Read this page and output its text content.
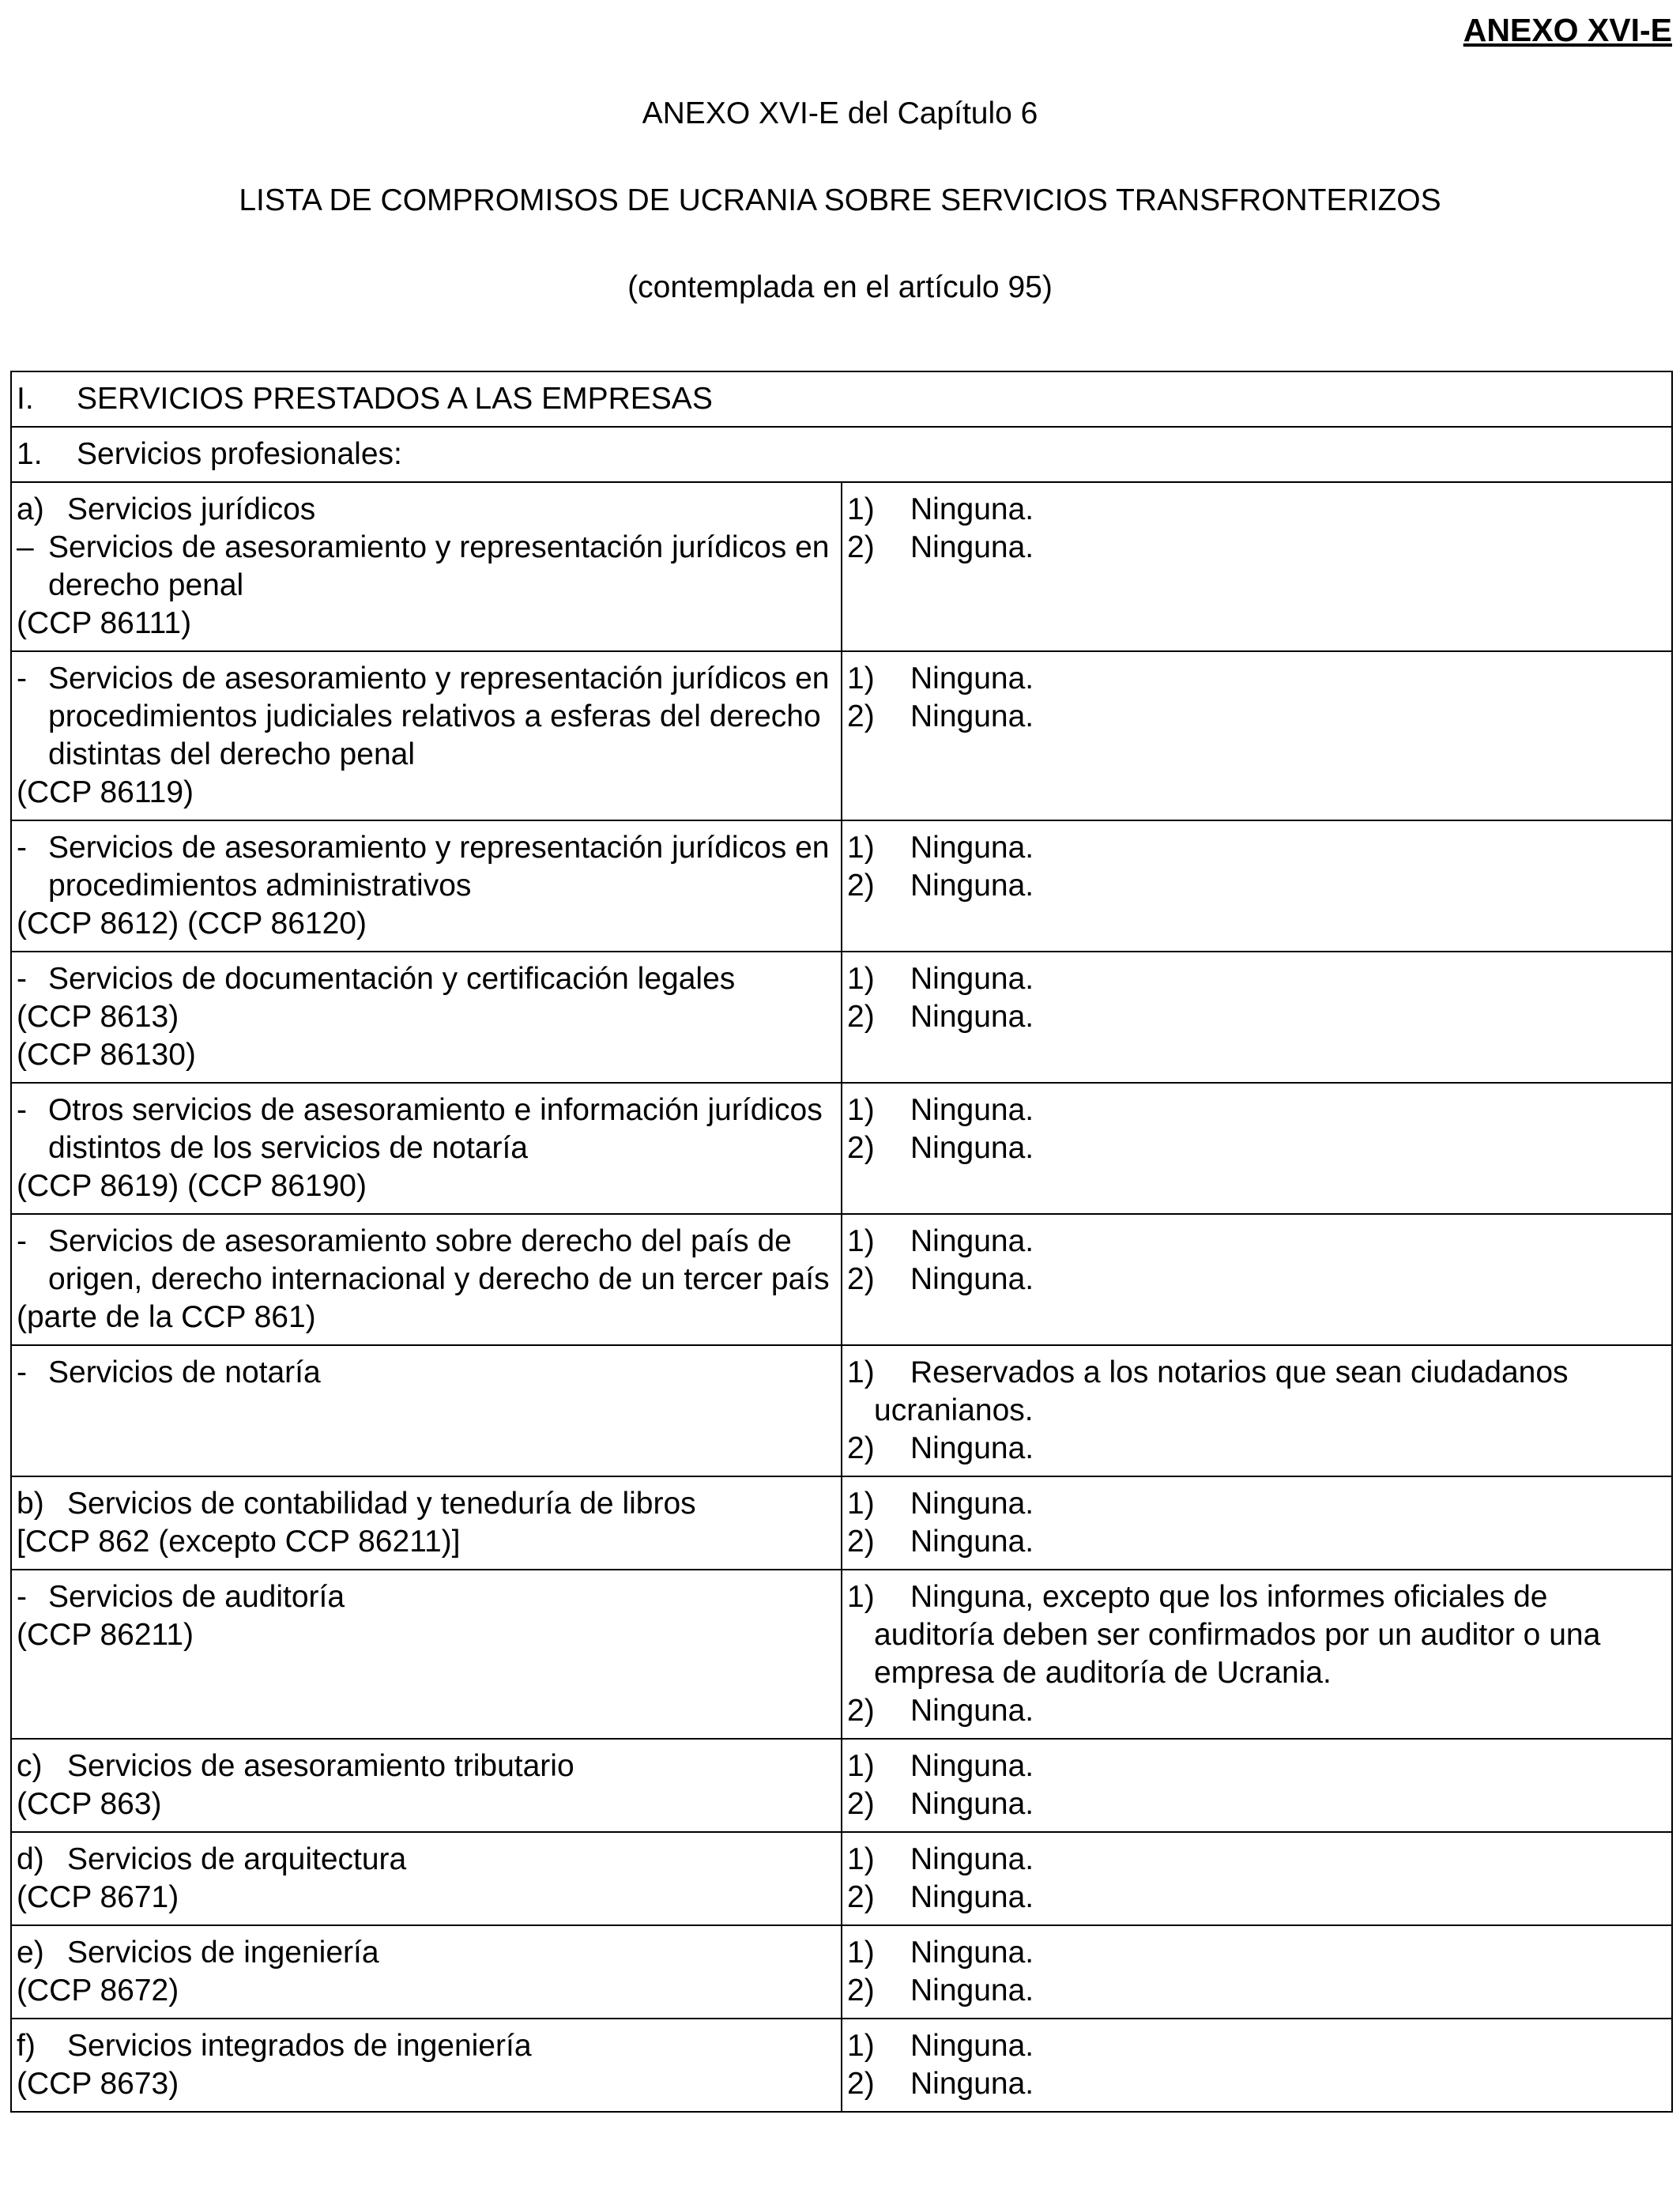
ANEXO XVI-E
ANEXO XVI-E del Capítulo 6
LISTA DE COMPROMISOS DE UCRANIA SOBRE SERVICIOS TRANSFRONTERIZOS
(contemplada en el artículo 95)
I. SERVICIOS PRESTADOS A LAS EMPRESAS	
1. Servicios profesionales:	

a) Servicios jurídicos
– Servicios de asesoramiento y representación jurídicos en derecho penal
(CCP 86111)	1) Ninguna.
2) Ninguna.

- Servicios de asesoramiento y representación jurídicos en procedimientos judiciales relativos a esferas del derecho distintas del derecho penal
(CCP 86119)	1) Ninguna.
2) Ninguna.

- Servicios de asesoramiento y representación jurídicos en procedimientos administrativos
(CCP 8612) (CCP 86120)	1) Ninguna.
2) Ninguna.

- Servicios de documentación y certificación legales
(CCP 8613)
(CCP 86130)	1) Ninguna.
2) Ninguna.

- Otros servicios de asesoramiento e información jurídicos distintos de los servicios de notaría
(CCP 8619) (CCP 86190)	1) Ninguna.
2) Ninguna.

- Servicios de asesoramiento sobre derecho del país de origen, derecho internacional y derecho de un tercer país
(parte de la CCP 861)	1) Ninguna.
2) Ninguna.

- Servicios de notaría	1) Reservados a los notarios que sean ciudadanos ucranianos.
2) Ninguna.

b) Servicios de contabilidad y teneduría de libros
[CCP 862 (excepto CCP 86211)]	1) Ninguna.
2) Ninguna.

- Servicios de auditoría
(CCP 86211)	1) Ninguna, excepto que los informes oficiales de auditoría deben ser confirmados por un auditor o una empresa de auditoría de Ucrania.
2) Ninguna.

c) Servicios de asesoramiento tributario
(CCP 863)	1) Ninguna.
2) Ninguna.

d) Servicios de arquitectura
(CCP 8671)	1) Ninguna.
2) Ninguna.

e) Servicios de ingeniería
(CCP 8672)	1) Ninguna.
2) Ninguna.

f) Servicios integrados de ingeniería
(CCP 8673)	1) Ninguna.
2) Ninguna.
